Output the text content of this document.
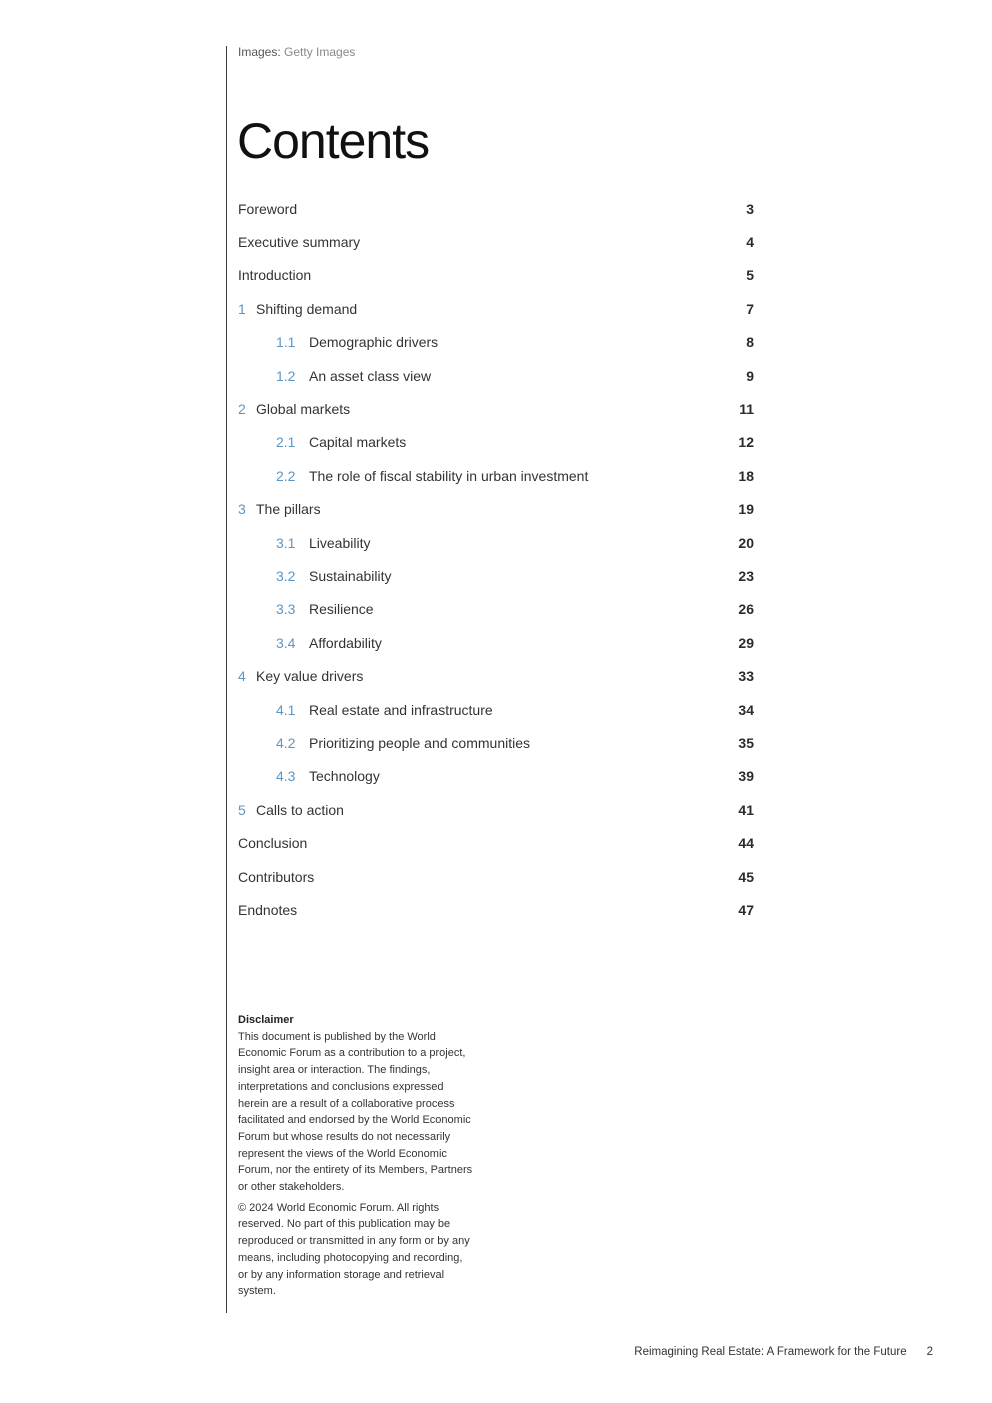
Images: Getty Images
Contents
Foreword	3
Executive summary	4
Introduction	5
1 Shifting demand	7
1.1 Demographic drivers	8
1.2 An asset class view	9
2 Global markets	11
2.1 Capital markets	12
2.2 The role of fiscal stability in urban investment	18
3 The pillars	19
3.1 Liveability	20
3.2 Sustainability	23
3.3 Resilience	26
3.4 Affordability	29
4 Key value drivers	33
4.1 Real estate and infrastructure	34
4.2 Prioritizing people and communities	35
4.3 Technology	39
5 Calls to action	41
Conclusion	44
Contributors	45
Endnotes	47
Disclaimer

This document is published by the World Economic Forum as a contribution to a project, insight area or interaction. The findings, interpretations and conclusions expressed herein are a result of a collaborative process facilitated and endorsed by the World Economic Forum but whose results do not necessarily represent the views of the World Economic Forum, nor the entirety of its Members, Partners or other stakeholders.

© 2024 World Economic Forum. All rights reserved. No part of this publication may be reproduced or transmitted in any form or by any means, including photocopying and recording, or by any information storage and retrieval system.

Reimagining Real Estate: A Framework for the Future 2
